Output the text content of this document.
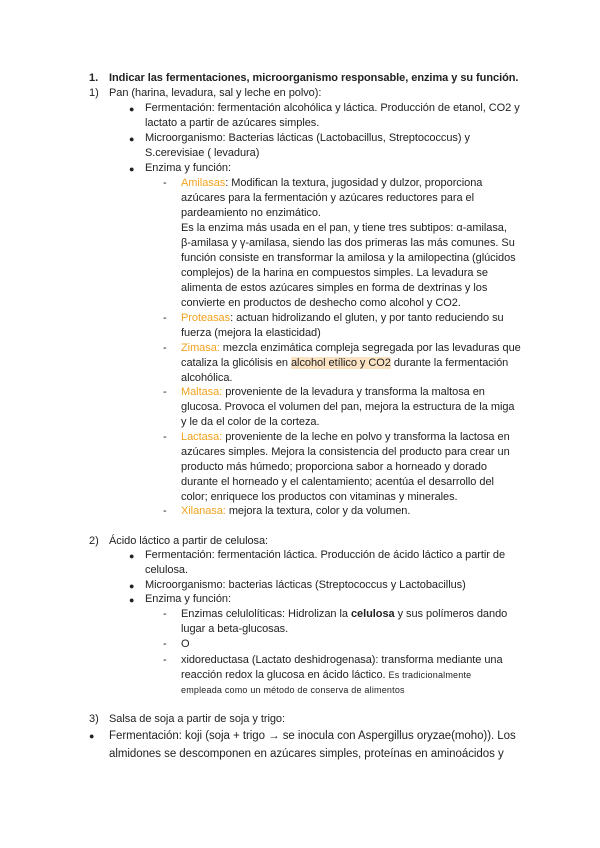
1. Indicar las fermentaciones, microorganismo responsable, enzima y su función.
1) Pan (harina, levadura, sal y leche en polvo):
● Fermentación: fermentación alcohólica y láctica. Producción de etanol, CO2 y
lactato a partir de azúcares simples.
● Microorganismo: Bacterias lácticas (Lactobacillus, Streptococcus) y
S.cerevisiae ( levadura)
● Enzima y función:
- Amilasas: Modifican la textura, jugosidad y dulzor, proporciona
azúcares para la fermentación y azúcares reductores para el
pardeamiento no enzimático.
Es la enzima más usada en el pan, y tiene tres subtipos: α-amilasa,
β-amilasa y γ-amilasa, siendo las dos primeras las más comunes. Su
función consiste en transformar la amilosa y la amilopectina (glúcidos
complejos) de la harina en compuestos simples. La levadura se
alimenta de estos azúcares simples en forma de dextrinas y los
convierte en productos de deshecho como alcohol y CO2.
- Proteasas: actuan hidrolizando el gluten, y por tanto reduciendo su
fuerza (mejora la elasticidad)
- Zimasa: mezcla enzimática compleja segregada por las levaduras que
cataliza la glicólisis en alcohol etílico y CO2 durante la fermentación
alcohólica.
- Maltasa: proveniente de la levadura y transforma la maltosa en
glucosa. Provoca el volumen del pan, mejora la estructura de la miga
y le da el color de la corteza.
- Lactasa: proveniente de la leche en polvo y transforma la lactosa en
azúcares simples. Mejora la consistencia del producto para crear un
producto más húmedo; proporciona sabor a horneado y dorado
durante el horneado y el calentamiento; acentúa el desarrollo del
color; enriquece los productos con vitaminas y minerales.
- Xilanasa: mejora la textura, color y da volumen.
2) Ácido láctico a partir de celulosa:
● Fermentación: fermentación láctica. Producción de ácido láctico a partir de
celulosa.
● Microorganismo: bacterias lácticas (Streptococcus y Lactobacillus)
● Enzima y función:
- Enzimas celulolíticas: Hidrolizan la celulosa y sus polímeros dando
lugar a beta-glucosas.
- O
- xidoreductasa (Lactato deshidrogenasa): transforma mediante una
reacción redox la glucosa en ácido láctico. Es tradicionalmente
empleada como un método de conserva de alimentos
3) Salsa de soja a partir de soja y trigo:
● Fermentación: koji (soja + trigo → se inocula con Aspergillus oryzae(moho)). Los
almidones se descomponen en azúcares simples, proteínas en aminoácidos y
